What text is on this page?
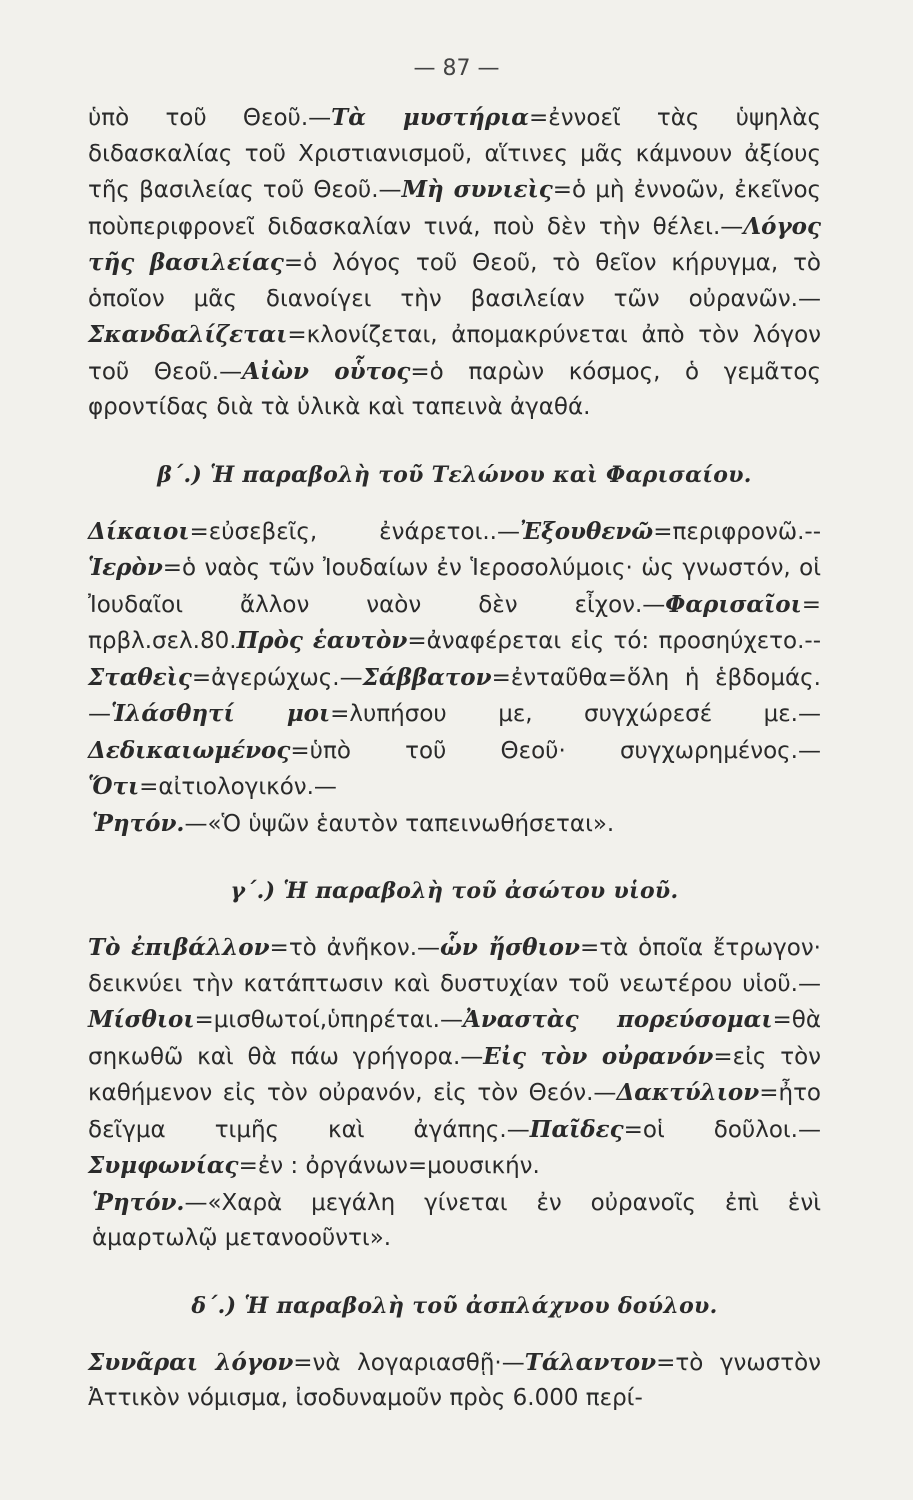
— 87 —

ὑπὸ τοῦ Θεοῦ.—Τὰ μυστήρια=ἐννοεῖ τὰς ὑψηλὰς διδασκαλίας τοῦ Χριστιανισμοῦ, αἵτινες μᾶς κάμνουν ἀξίους τῆς βασιλείας τοῦ Θεοῦ.—Μὴ συνιεὶς=ὁ μὴ ἐννοῶν, ἐκεῖνος ποὺπεριφρονεῖ διδασκαλίαν τινά, ποὺ δὲν τὴν θέλει.—Λόγος τῆς βασιλείας=ὁ λόγος τοῦ Θεοῦ, τὸ θεῖον κήρυγμα, τὸ ὁποῖον μᾶς διανοίγει τὴν βασιλείαν τῶν οὐρανῶν.—Σκανδαλίζεται=κλονίζεται, ἀπομακρύνεται ἀπὸ τὸν λόγον τοῦ Θεοῦ.—Αἰὼν οὗτος=ὁ παρὼν κόσμος, ὁ γεμᾶτος φροντίδας διὰ τὰ ὑλικὰ καὶ ταπεινὰ ἀγαθά.

β΄.) Ἡ παραβολὴ τοῦ Τελώνου καὶ Φαρισαίου.

Δίκαιοι=εὐσεβεῖς, ἐνάρετοι..—Ἐξουθενῶ=περιφρονῶ.--Ἱερὸν=ὁ ναὸς τῶν Ἰουδαίων ἐν Ἱεροσολύμοις· ὡς γνωστόν, οἱ Ἰουδαῖοι ἄλλον ναὸν δὲν εἶχον.—Φαρισαῖοι= πρβλ.σελ.80.Πρὸς ἑαυτὸν=ἀναφέρεται εἰς τό: προσηύχετο.--Σταθεὶς=ἀγερώχως.—Σάββατον=ἐνταῦθα=ὅλη ἡ ἑβδομάς.—Ἱλάσθητί μοι=λυπήσου με, συγχώρεσέ με.—Δεδικαιωμένος=ὑπὸ τοῦ Θεοῦ· συγχωρημένος.—Ὅτι=αἰτιολογικόν.—

Ῥητόν.—«Ὁ ὑψῶν ἑαυτὸν ταπεινωθήσεται».

γ΄.) Ἡ παραβολὴ τοῦ ἀσώτου υἱοῦ.

Τὸ ἐπιβάλλον=τὸ ἀνῆκον.—ὧν ἤσθιον=τὰ ὁποῖα ἔτρωγον· δεικνύει τὴν κατάπτωσιν καὶ δυστυχίαν τοῦ νεωτέρου υἱοῦ.—Μίσθιοι=μισθωτοί,ὑπηρέται.—Ἀναστὰς πορεύσομαι=θὰ σηκωθῶ καὶ θὰ πάω γρήγορα.—Εἰς τὸν οὐρανόν=εἰς τὸν καθήμενον εἰς τὸν οὐρανόν, εἰς τὸν Θεόν.—Δακτύλιον=ἦτο δεῖγμα τιμῆς καὶ ἀγάπης.—Παῖδες=οἱ δοῦλοι.—Συμφωνίας=ἐν : ὀργάνων=μουσικήν.

Ῥητόν.—«Χαρὰ μεγάλη γίνεται ἐν οὐρανοῖς ἐπὶ ἑνὶ ἁμαρτωλῷ μετανοοῦντι».

δ΄.) Ἡ παραβολὴ τοῦ ἀσπλάχνου δούλου.

Συνᾶραι λόγον=νὰ λογαριασθῇ·—Τάλαντον=τὸ γνωστὸν Ἀττικὸν νόμισμα, ἰσοδυναμοῦν πρὸς 6.000 περί-
